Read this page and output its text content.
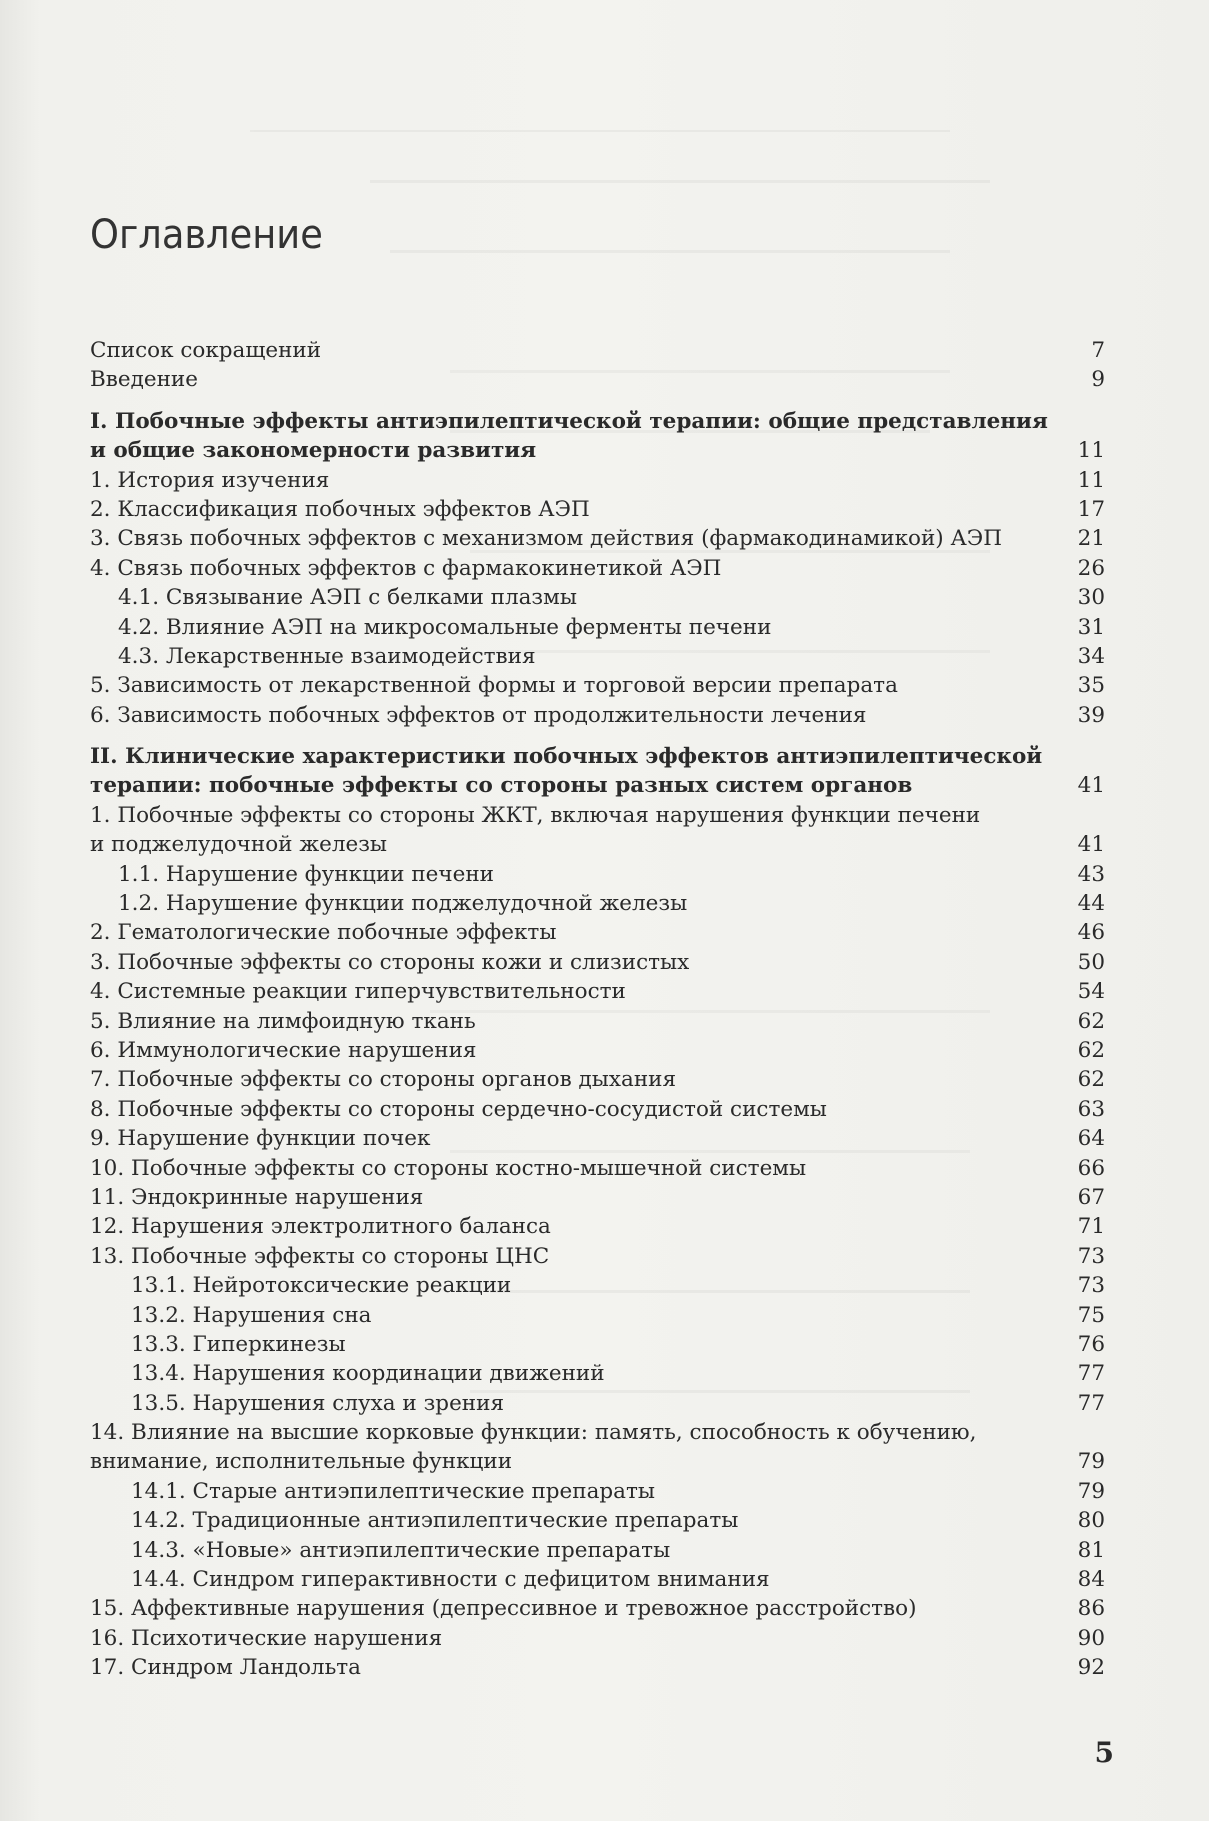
Оглавление
Список сокращений	7
Введение	9
I. Побочные эффекты антиэпилептической терапии: общие представления
и общие закономерности развития	11
1. История изучения	11
2. Классификация побочных эффектов АЭП	17
3. Связь побочных эффектов с механизмом действия (фармакодинамикой) АЭП	21
4. Связь побочных эффектов с фармакокинетикой АЭП	26
4.1. Связывание АЭП с белками плазмы	30
4.2. Влияние АЭП на микросомальные ферменты печени	31
4.3. Лекарственные взаимодействия	34
5. Зависимость от лекарственной формы и торговой версии препарата	35
6. Зависимость побочных эффектов от продолжительности лечения	39
II. Клинические характеристики побочных эффектов антиэпилептической
терапии: побочные эффекты со стороны разных систем органов	41
1. Побочные эффекты со стороны ЖКТ, включая нарушения функции печени
и поджелудочной железы	41
1.1. Нарушение функции печени	43
1.2. Нарушение функции поджелудочной железы	44
2. Гематологические побочные эффекты	46
3. Побочные эффекты со стороны кожи и слизистых	50
4. Системные реакции гиперчувствительности	54
5. Влияние на лимфоидную ткань	62
6. Иммунологические нарушения	62
7. Побочные эффекты со стороны органов дыхания	62
8. Побочные эффекты со стороны сердечно-сосудистой системы	63
9. Нарушение функции почек	64
10. Побочные эффекты со стороны костно-мышечной системы	66
11. Эндокринные нарушения	67
12. Нарушения электролитного баланса	71
13. Побочные эффекты со стороны ЦНС	73
13.1. Нейротоксические реакции	73
13.2. Нарушения сна	75
13.3. Гиперкинезы	76
13.4. Нарушения координации движений	77
13.5. Нарушения слуха и зрения	77
14. Влияние на высшие корковые функции: память, способность к обучению,
внимание, исполнительные функции	79
14.1. Старые антиэпилептические препараты	79
14.2. Традиционные антиэпилептические препараты	80
14.3. «Новые» антиэпилептические препараты	81
14.4. Синдром гиперактивности с дефицитом внимания	84
15. Аффективные нарушения (депрессивное и тревожное расстройство)	86
16. Психотические нарушения	90
17. Синдром Ландольта	92
5
